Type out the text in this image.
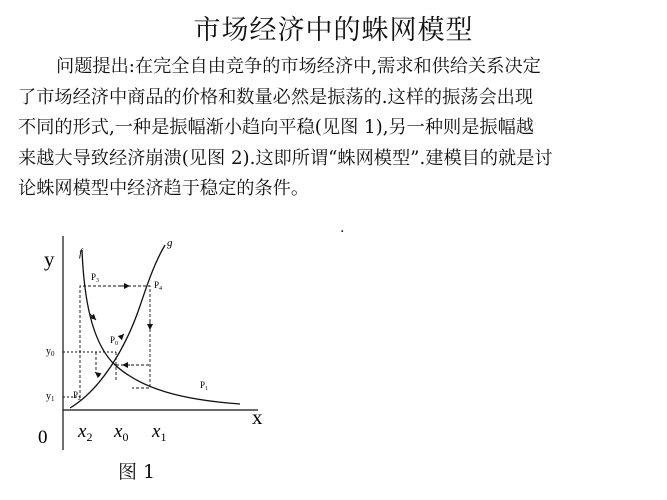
市场经济中的蛛网模型
问题提出:在完全自由竞争的市场经济中,需求和供给关系决定
了市场经济中商品的价格和数量必然是振荡的.这样的振荡会出现
不同的形式,一种是振幅渐小趋向平稳(见图 1),另一种则是振幅越
来越大导致经济崩溃(见图 2).这即所谓“蛛网模型”.建模目的就是讨
论蛛网模型中经济趋于稳定的条件。
.
y
x
0
f
g
$y_0$
$y_1$
$x_2$ $x_0$ $x_1$
$P_3$	$P_4$
$P_0$
$P_1$
$P_2$
图 1
